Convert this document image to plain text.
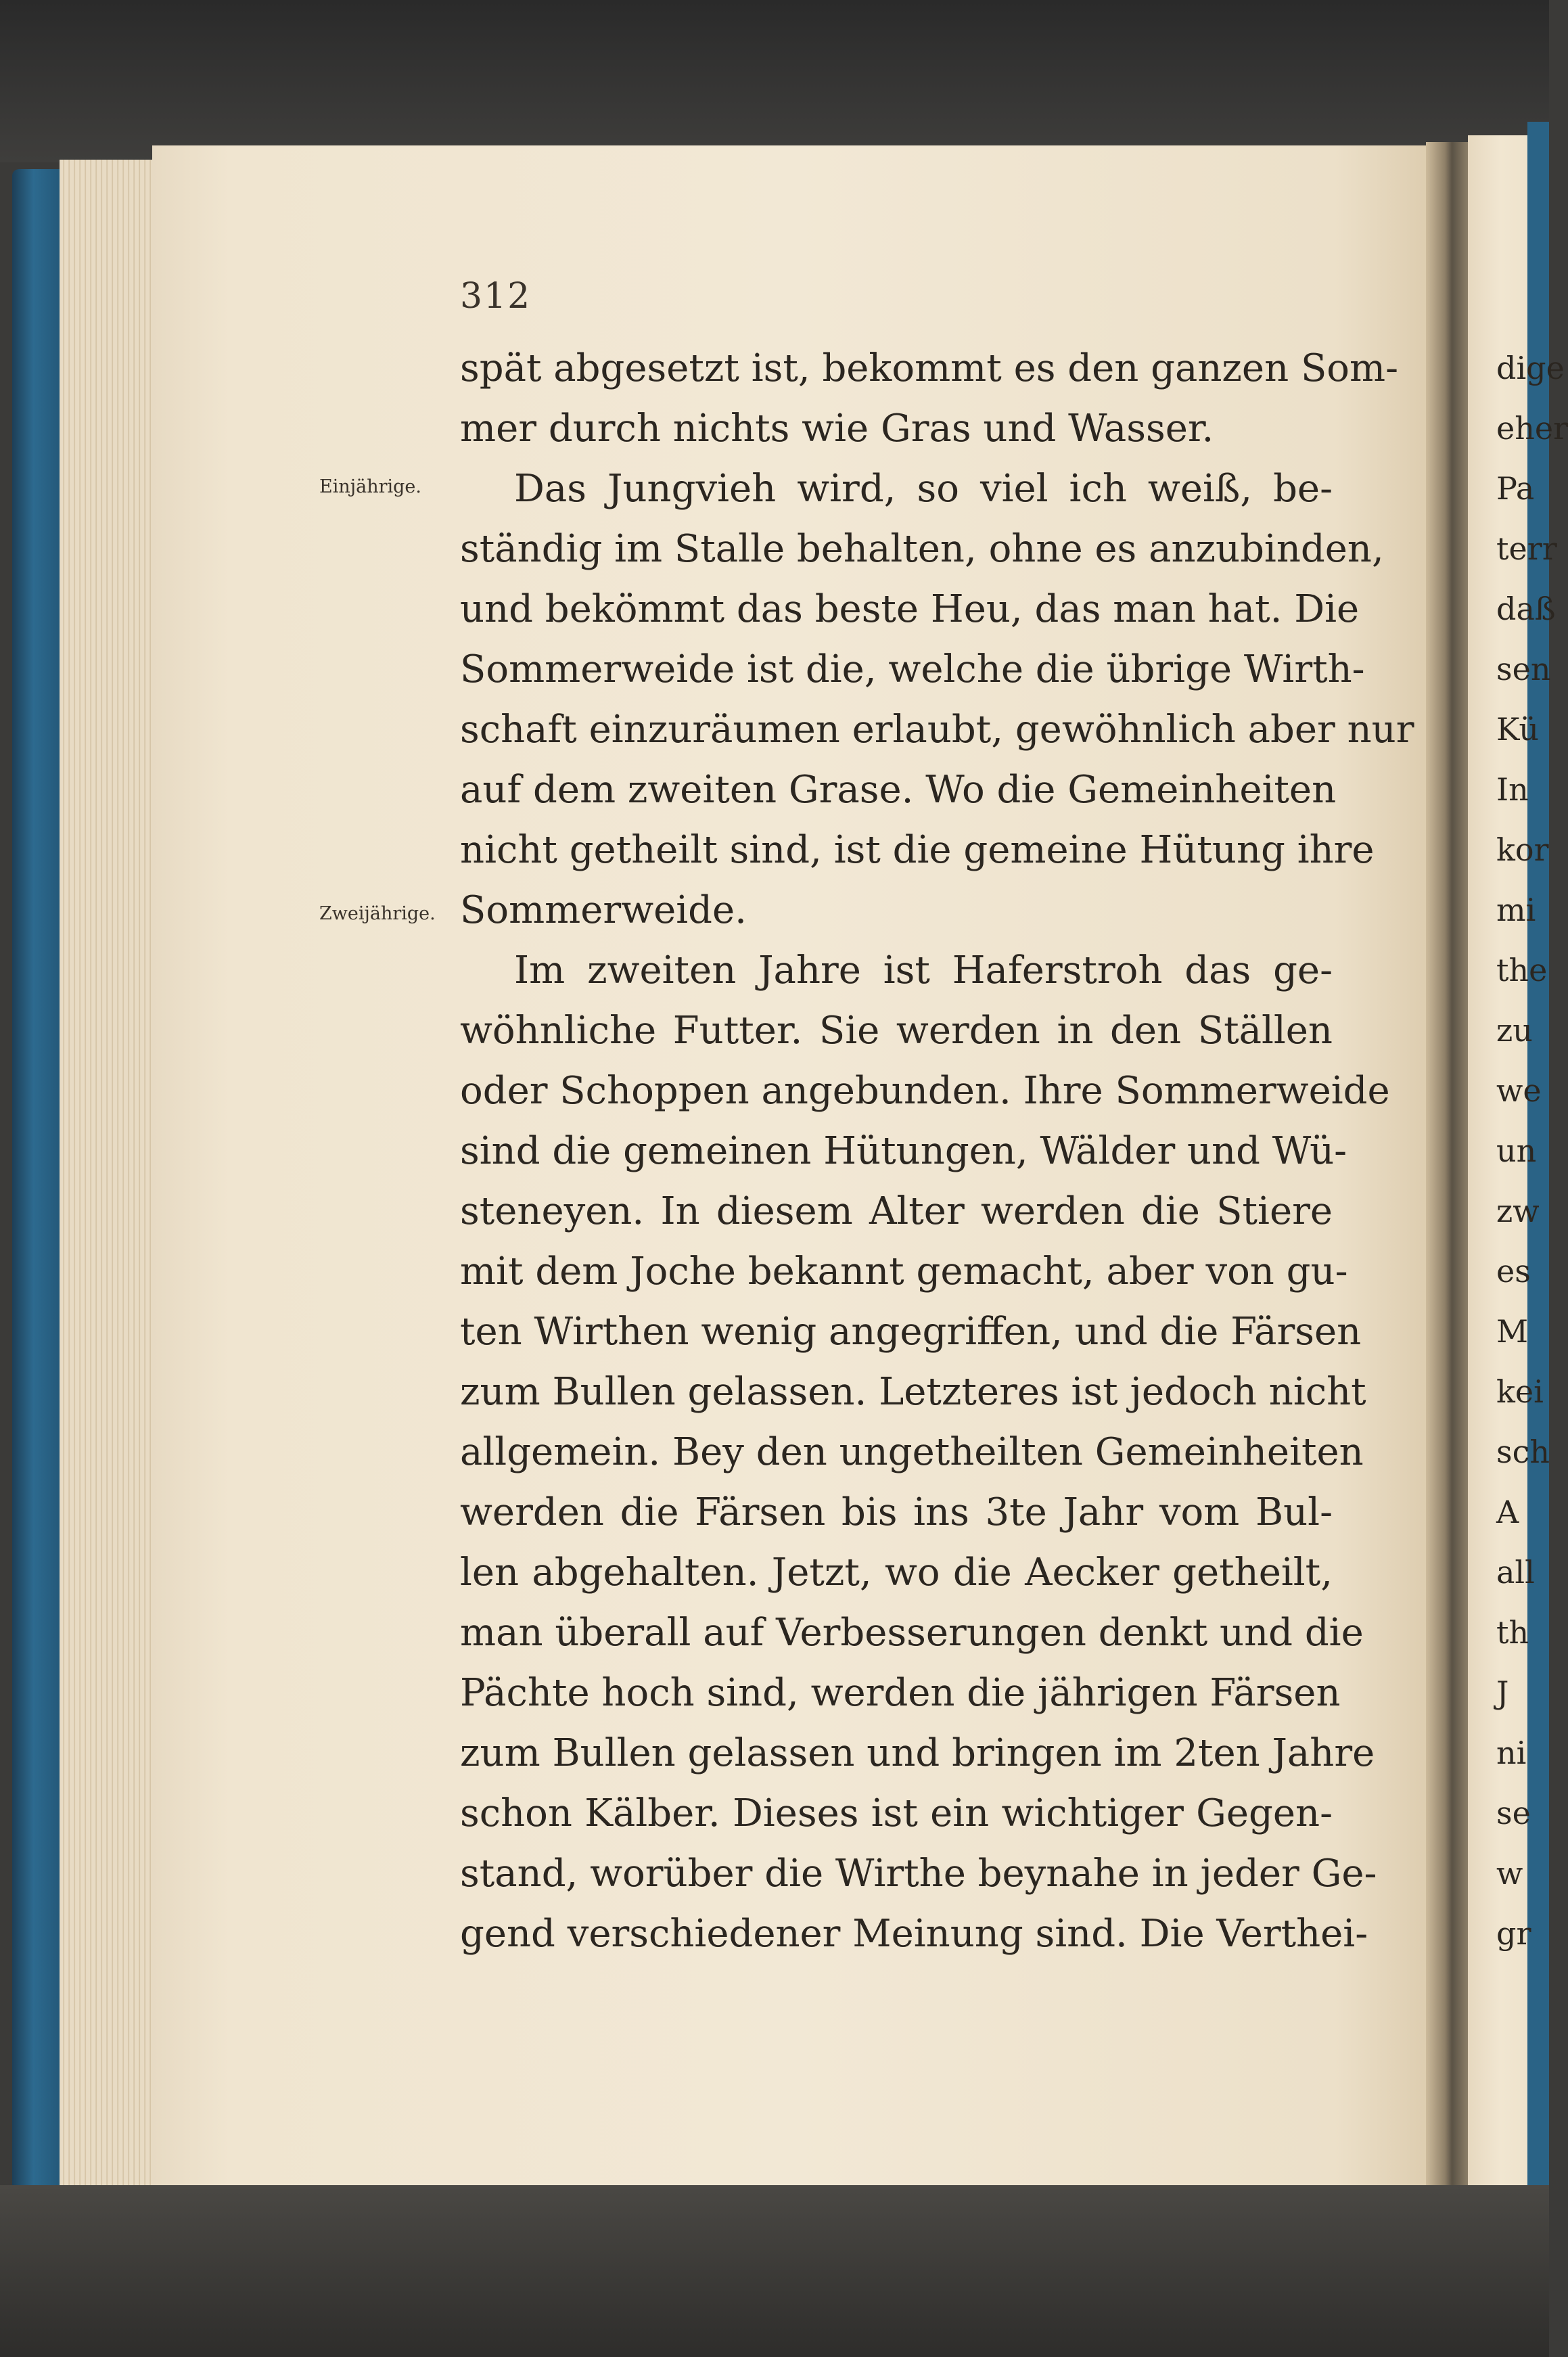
312
Einjährige.
Zweijährige.
spät abgesetzt ist, bekommt es den ganzen Som-
mer durch nichts wie Gras und Wasser.
Das Jungvieh wird, so viel ich weiß, be-
ständig im Stalle behalten, ohne es anzubinden,
und bekömmt das beste Heu, das man hat. Die
Sommerweide ist die, welche die übrige Wirth-
schaft einzuräumen erlaubt, gewöhnlich aber nur
auf dem zweiten Grase. Wo die Gemeinheiten
nicht getheilt sind, ist die gemeine Hütung ihre
Sommerweide.
Im zweiten Jahre ist Haferstroh das ge-
wöhnliche Futter. Sie werden in den Ställen
oder Schoppen angebunden. Ihre Sommerweide
sind die gemeinen Hütungen, Wälder und Wü-
steneyen. In diesem Alter werden die Stiere
mit dem Joche bekannt gemacht, aber von gu-
ten Wirthen wenig angegriffen, und die Färsen
zum Bullen gelassen. Letzteres ist jedoch nicht
allgemein. Bey den ungetheilten Gemeinheiten
werden die Färsen bis ins 3te Jahr vom Bul-
len abgehalten. Jetzt, wo die Aecker getheilt,
man überall auf Verbesserungen denkt und die
Pächte hoch sind, werden die jährigen Färsen
zum Bullen gelassen und bringen im 2ten Jahre
schon Kälber. Dieses ist ein wichtiger Gegen-
stand, worüber die Wirthe beynahe in jeder Ge-
gend verschiedener Meinung sind. Die Verthei-
dige
eher
Pa
terr
daß
sen
Kü
In
kor
mi
the
zu
we
un
zw
es
M
kei
sch
A
all
th
J
ni
se
w
gr
